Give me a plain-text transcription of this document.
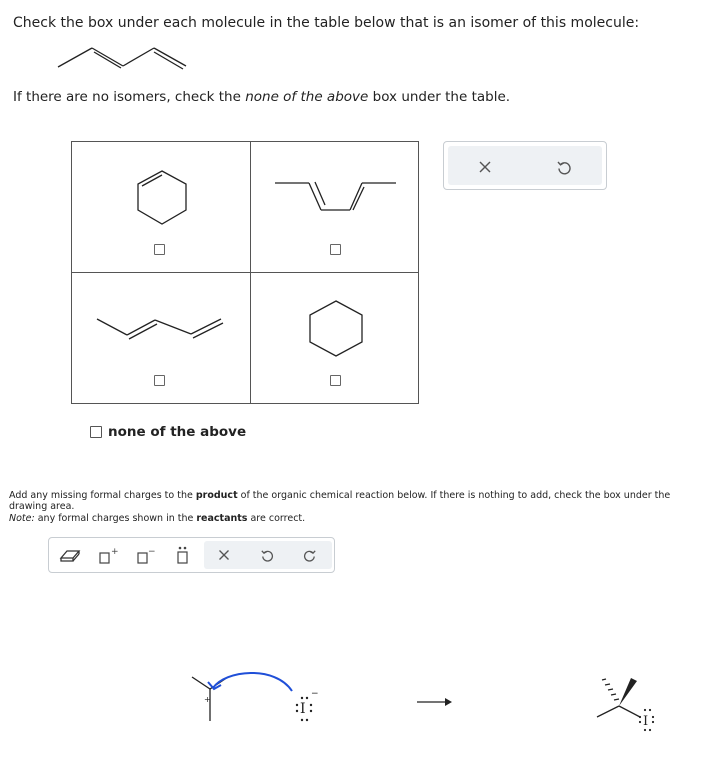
Check the box under each molecule in the table below that is an isomer of this molecule:
If there are no isomers, check the none of the above box under the table.
none of the above
Add any missing formal charges to the product of the organic chemical reaction below. If there is nothing to add, check the box under the drawing area.
Note: any formal charges shown in the reactants are correct.
+	−
+
I
−
I
